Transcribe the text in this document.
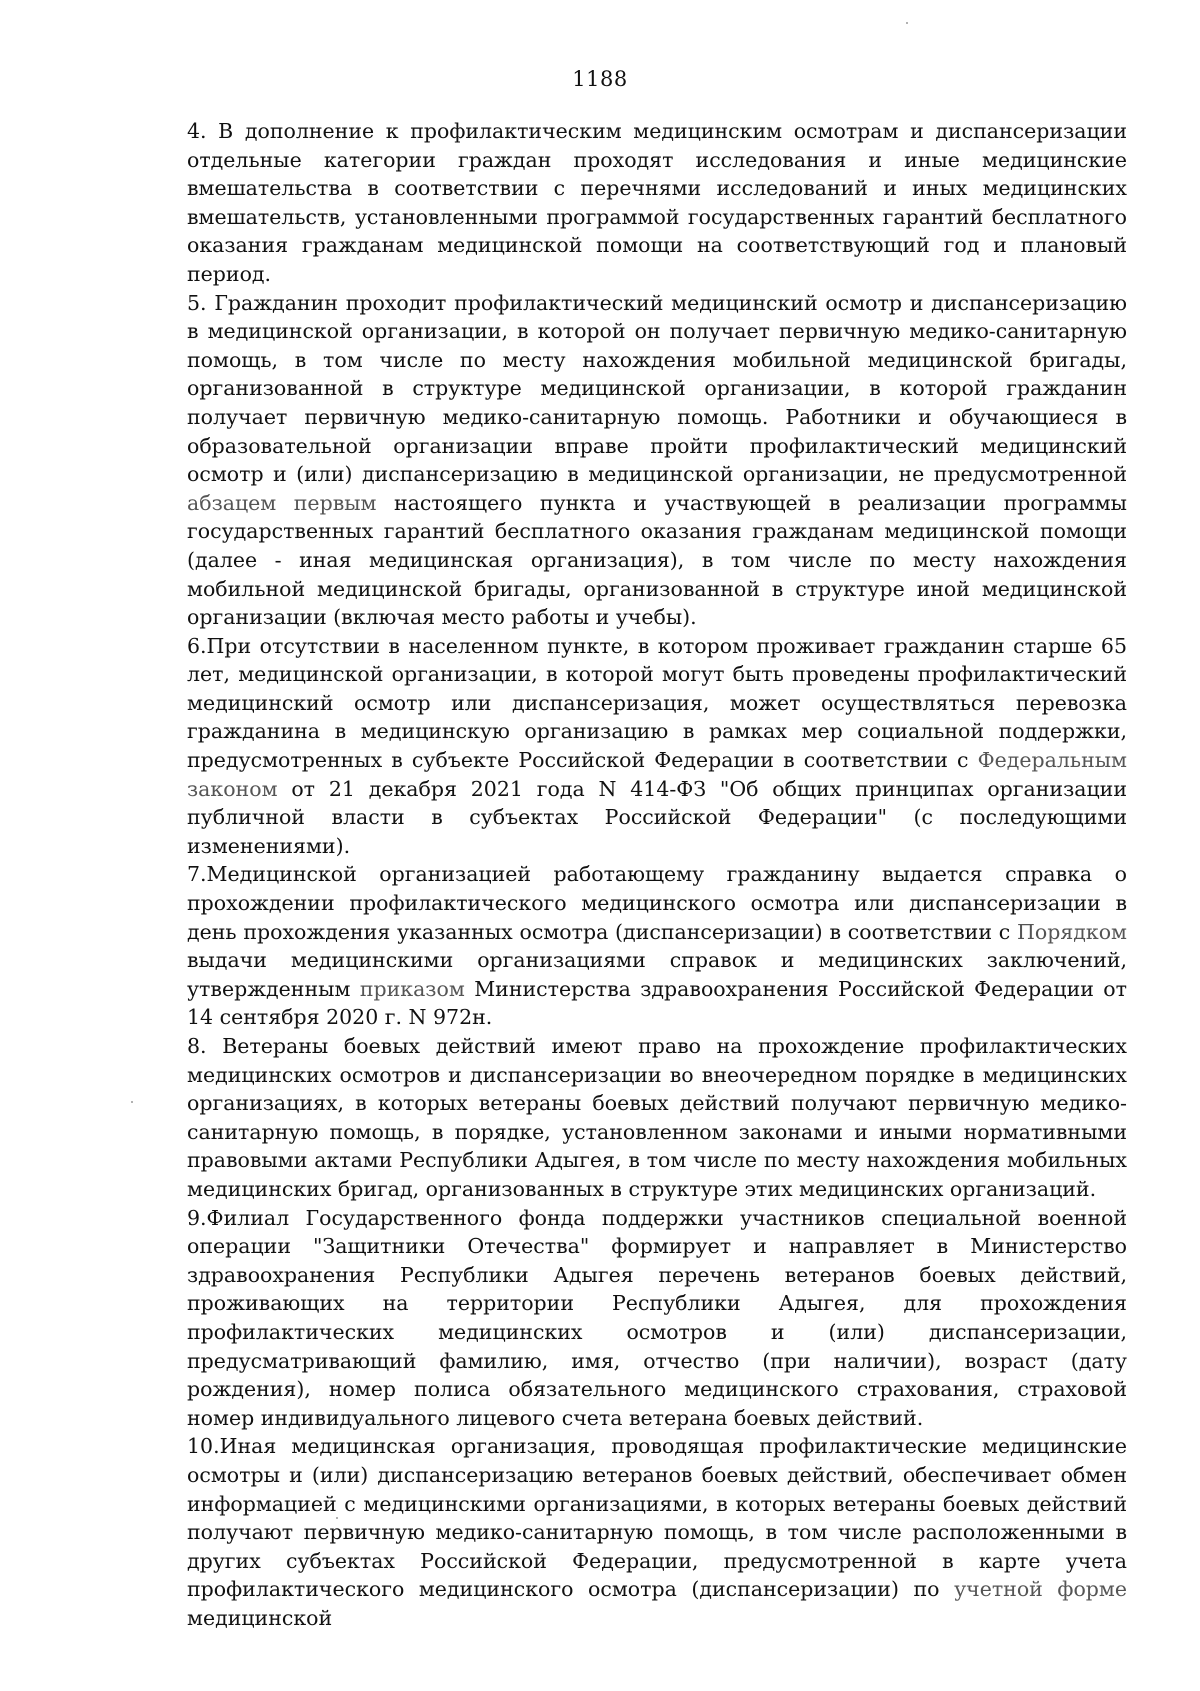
1188

4. В дополнение к профилактическим медицинским осмотрам и диспансеризации отдельные категории граждан проходят исследования и иные медицинские вмешательства в соответствии с перечнями исследований и иных медицинских вмешательств, установленными программой государственных гарантий бесплатного оказания гражданам медицинской помощи на соответствующий год и плановый период.

5. Гражданин проходит профилактический медицинский осмотр и диспансеризацию в медицинской организации, в которой он получает первичную медико-санитарную помощь, в том числе по месту нахождения мобильной медицинской бригады, организованной в структуре медицинской организации, в которой гражданин получает первичную медико-санитарную помощь. Работники и обучающиеся в образовательной организации вправе пройти профилактический медицинский осмотр и (или) диспансеризацию в медицинской организации, не предусмотренной абзацем первым настоящего пункта и участвующей в реализации программы государственных гарантий бесплатного оказания гражданам медицинской помощи (далее - иная медицинская организация), в том числе по месту нахождения мобильной медицинской бригады, организованной в структуре иной медицинской организации (включая место работы и учебы).

6.При отсутствии в населенном пункте, в котором проживает гражданин старше 65 лет, медицинской организации, в которой могут быть проведены профилактический медицинский осмотр или диспансеризация, может осуществляться перевозка гражданина в медицинскую организацию в рамках мер социальной поддержки, предусмотренных в субъекте Российской Федерации в соответствии с Федеральным законом от 21 декабря 2021 года N 414-ФЗ "Об общих принципах организации публичной власти в субъектах Российской Федерации" (с последующими изменениями).

7.Медицинской организацией работающему гражданину выдается справка о прохождении профилактического медицинского осмотра или диспансеризации в день прохождения указанных осмотра (диспансеризации) в соответствии с Порядком выдачи медицинскими организациями справок и медицинских заключений, утвержденным приказом Министерства здравоохранения Российской Федерации от 14 сентября 2020 г. N 972н.

8. Ветераны боевых действий имеют право на прохождение профилактических медицинских осмотров и диспансеризации во внеочередном порядке в медицинских организациях, в которых ветераны боевых действий получают первичную медико-санитарную помощь, в порядке, установленном законами и иными нормативными правовыми актами Республики Адыгея, в том числе по месту нахождения мобильных медицинских бригад, организованных в структуре этих медицинских организаций.

9.Филиал Государственного фонда поддержки участников специальной военной операции "Защитники Отечества" формирует и направляет в Министерство здравоохранения Республики Адыгея перечень ветеранов боевых действий, проживающих на территории Республики Адыгея, для прохождения профилактических медицинских осмотров и (или) диспансеризации, предусматривающий фамилию, имя, отчество (при наличии), возраст (дату рождения), номер полиса обязательного медицинского страхования, страховой номер индивидуального лицевого счета ветерана боевых действий.

10.Иная медицинская организация, проводящая профилактические медицинские осмотры и (или) диспансеризацию ветеранов боевых действий, обеспечивает обмен информацией с медицинскими организациями, в которых ветераны боевых действий получают первичную медико-санитарную помощь, в том числе расположенными в других субъектах Российской Федерации, предусмотренной в карте учета профилактического медицинского осмотра (диспансеризации) по учетной форме медицинской
